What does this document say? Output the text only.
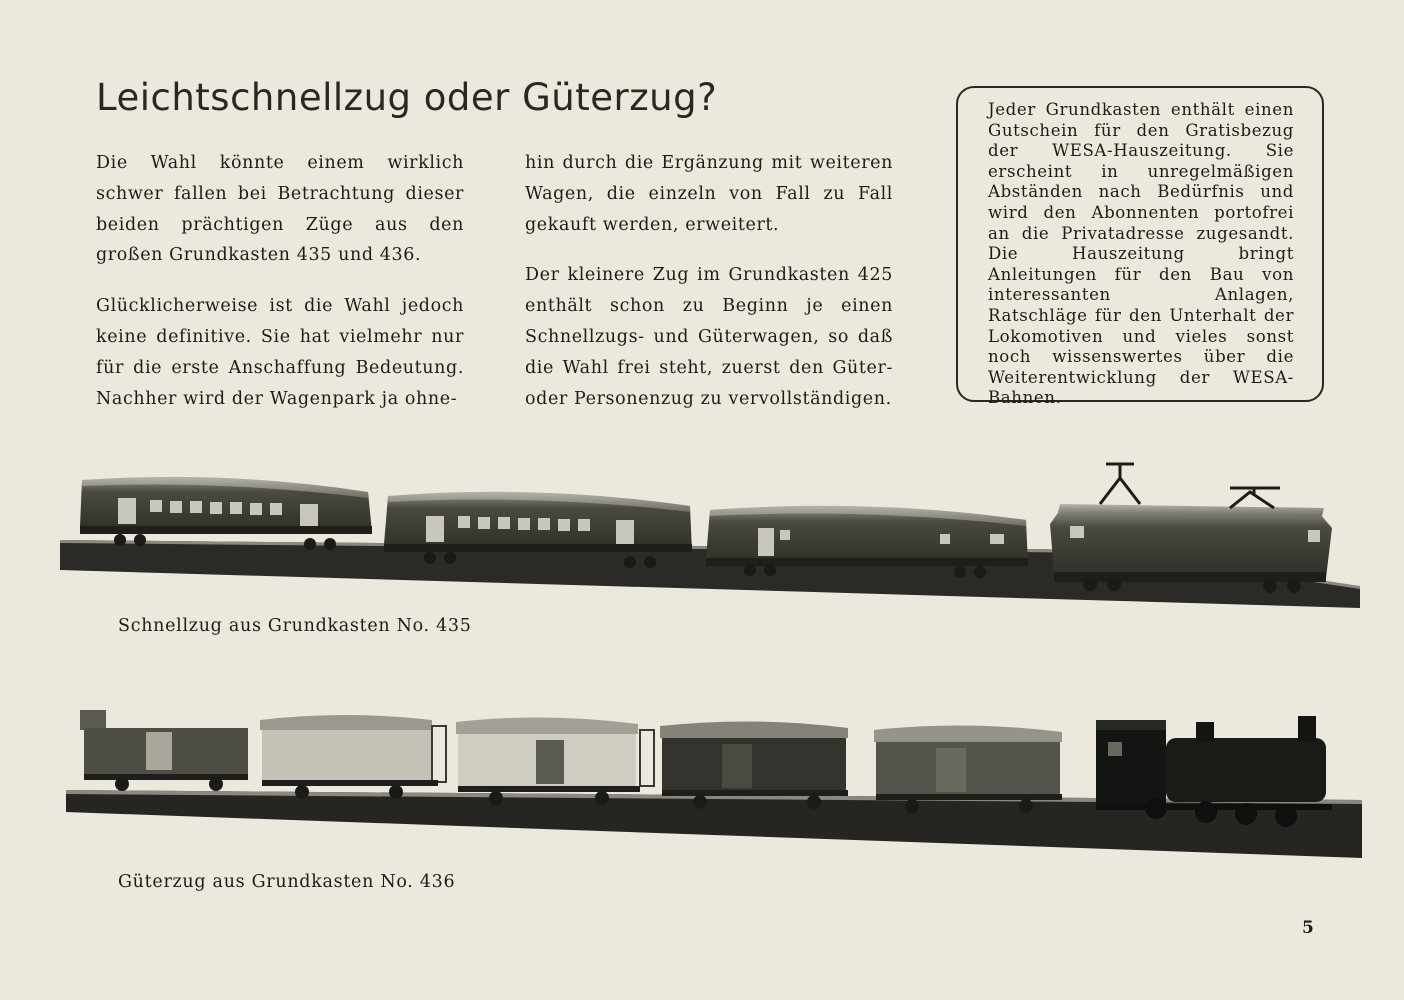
Leichtschnellzug oder Güterzug?

Die Wahl könnte einem wirklich schwer fallen bei Betrachtung dieser beiden prächtigen Züge aus den großen Grundkasten 435 und 436.

Glücklicherweise ist die Wahl jedoch keine definitive. Sie hat vielmehr nur für die erste Anschaffung Bedeutung. Nachher wird der Wagenpark ja ohne-

hin durch die Ergänzung mit weiteren Wagen, die einzeln von Fall zu Fall gekauft werden, erweitert.

Der kleinere Zug im Grundkasten 425 enthält schon zu Beginn je einen Schnellzugs- und Güterwagen, so daß die Wahl frei steht, zuerst den Güter- oder Personenzug zu vervollständigen.

Jeder Grundkasten enthält einen Gutschein für den Gratisbezug der WESA-Hauszeitung. Sie erscheint in unregelmäßigen Abständen nach Bedürfnis und wird den Abonnenten portofrei an die Privatadresse zugesandt. Die Hauszeitung bringt Anleitungen für den Bau von interessanten Anlagen, Ratschläge für den Unterhalt der Lokomotiven und vieles sonst noch wissenswertes über die Weiterentwicklung der WESA-Bahnen.
Schnellzug aus Grundkasten No. 435
Güterzug aus Grundkasten No. 436
5
